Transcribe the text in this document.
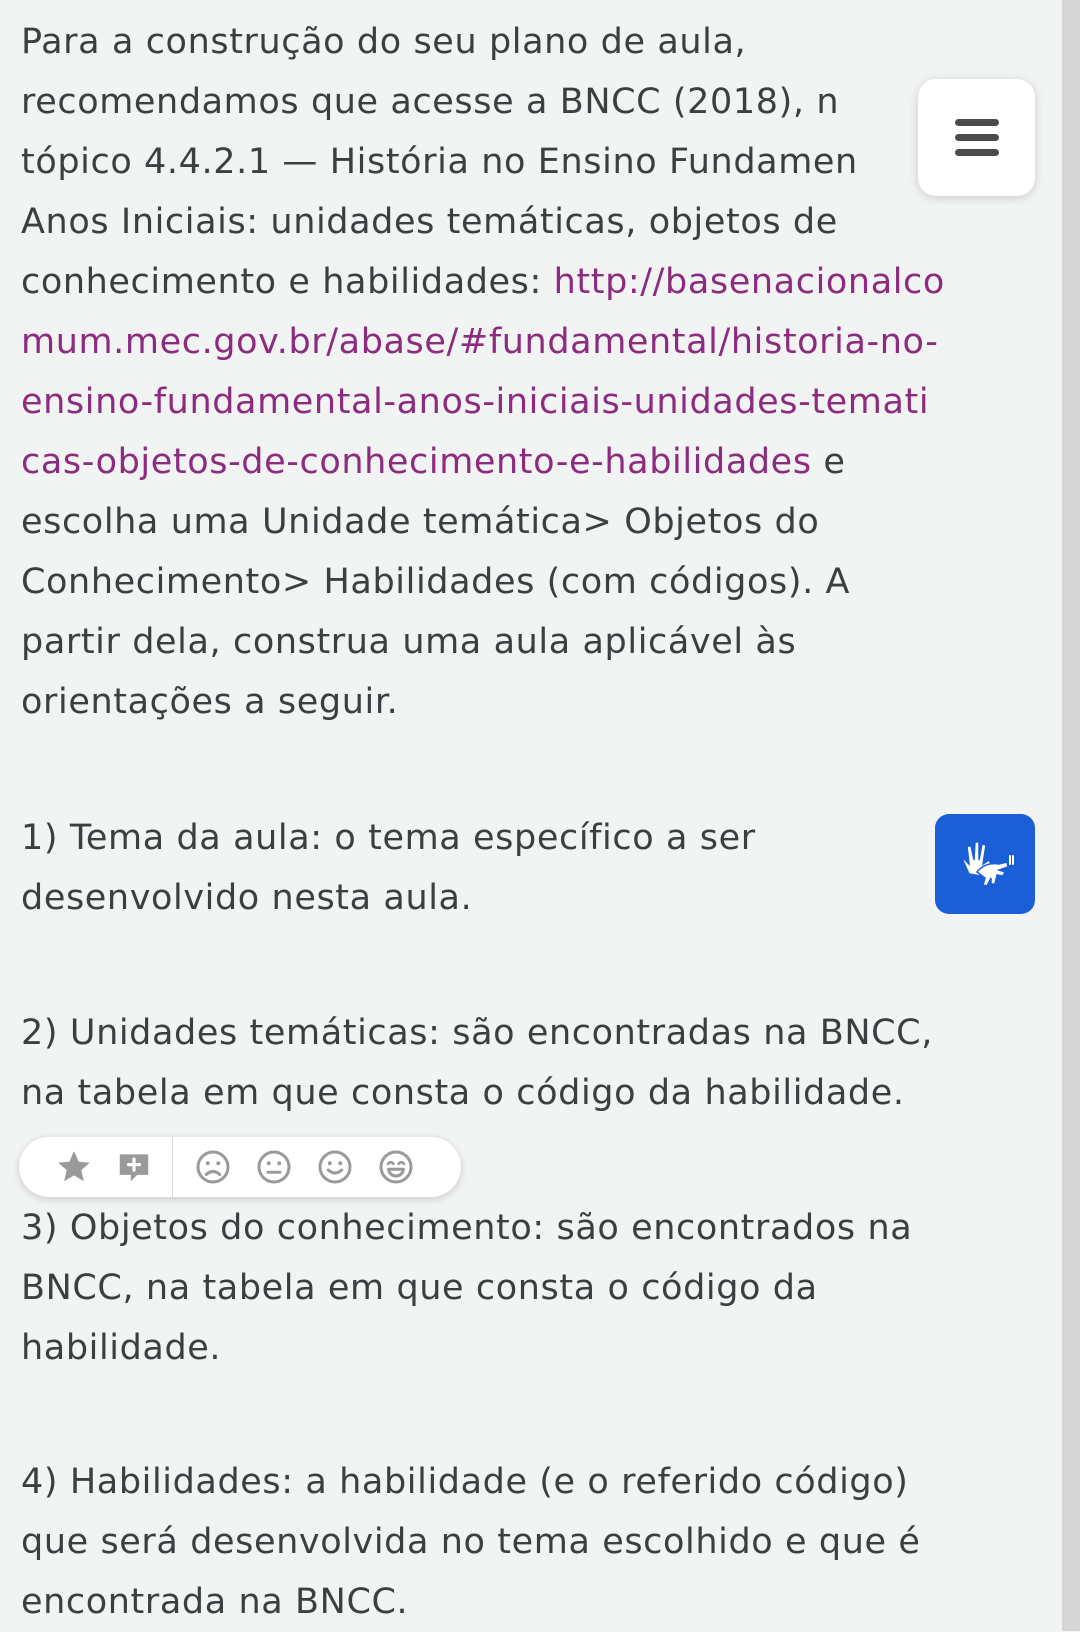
Para a construção do seu plano de aula,
recomendamos que acesse a BNCC (2018), n
tópico 4.4.2.1 — História no Ensino Fundamen
Anos Iniciais: unidades temáticas, objetos de
conhecimento e habilidades: http://basenacionalco
mum.mec.gov.br/abase/#fundamental/historia-no-
ensino-fundamental-anos-iniciais-unidades-temati
cas-objetos-de-conhecimento-e-habilidades e
escolha uma Unidade temática> Objetos do
Conhecimento> Habilidades (com códigos). A
partir dela, construa uma aula aplicável às
orientações a seguir.

1) Tema da aula: o tema específico a ser
desenvolvido nesta aula.

2) Unidades temáticas: são encontradas na BNCC,
na tabela em que consta o código da habilidade.

3) Objetos do conhecimento: são encontrados na
BNCC, na tabela em que consta o código da
habilidade.

4) Habilidades: a habilidade (e o referido código)
que será desenvolvida no tema escolhido e que é
encontrada na BNCC.
